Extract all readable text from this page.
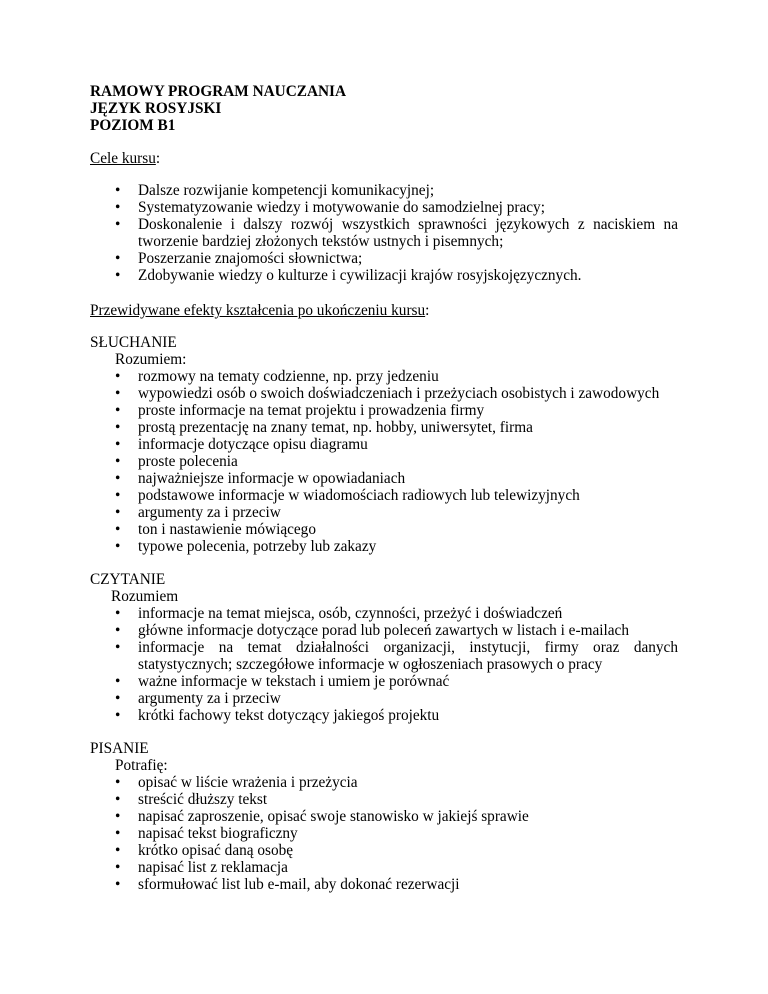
RAMOWY PROGRAM NAUCZANIA
JĘZYK ROSYJSKI
POZIOM B1
Cele kursu:
•	Dalsze rozwijanie kompetencji komunikacyjnej;
•	Systematyzowanie wiedzy i motywowanie do samodzielnej pracy;
•	Doskonalenie i dalszy rozwój wszystkich sprawności językowych z naciskiem na tworzenie bardziej złożonych tekstów ustnych i pisemnych;
•	Poszerzanie znajomości słownictwa;
•	Zdobywanie wiedzy o kulturze i cywilizacji krajów rosyjskojęzycznych.
Przewidywane efekty kształcenia po ukończeniu kursu:
SŁUCHANIE
Rozumiem:
•	rozmowy na tematy codzienne, np. przy jedzeniu
•	wypowiedzi osób o swoich doświadczeniach i przeżyciach osobistych i zawodowych
•	proste informacje na temat projektu i prowadzenia firmy
•	prostą prezentację na znany temat, np. hobby, uniwersytet, firma
•	informacje dotyczące opisu diagramu
•	proste polecenia
•	najważniejsze informacje w opowiadaniach
•	podstawowe informacje w wiadomościach radiowych lub telewizyjnych
•	argumenty za i przeciw
•	ton i nastawienie mówiącego
•	typowe polecenia, potrzeby lub zakazy
CZYTANIE
Rozumiem
•	informacje na temat miejsca, osób, czynności, przeżyć i doświadczeń
•	główne informacje dotyczące porad lub poleceń zawartych w listach i e-mailach
•	informacje na temat działalności organizacji, instytucji, firmy oraz danych statystycznych; szczegółowe informacje w ogłoszeniach prasowych o pracy
•	ważne informacje w tekstach i umiem je porównać
•	argumenty za i przeciw
•	krótki fachowy tekst dotyczący jakiegoś projektu
PISANIE
Potrafię:
•	opisać w liście wrażenia i przeżycia
•	streścić dłuższy tekst
•	napisać zaproszenie, opisać swoje stanowisko w jakiejś sprawie
•	napisać tekst biograficzny
•	krótko opisać daną osobę
•	napisać list z reklamacja
•	sformułować list lub e-mail, aby dokonać rezerwacji
